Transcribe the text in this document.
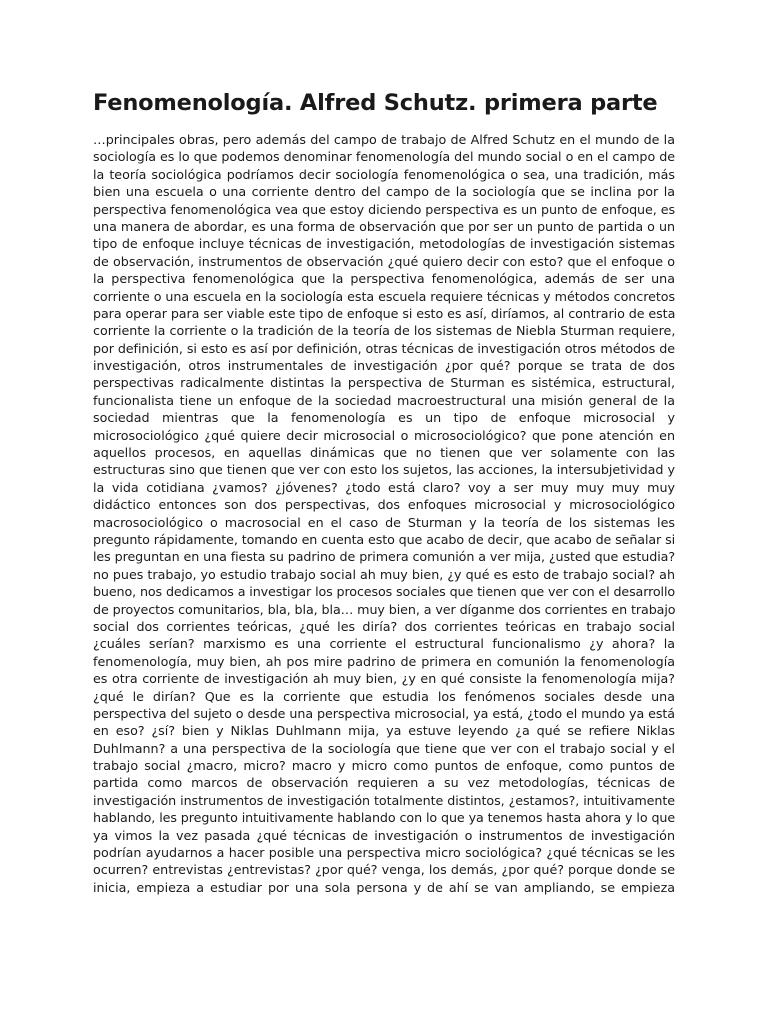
Fenomenología. Alfred Schutz. primera parte
…principales obras, pero además del campo de trabajo de Alfred Schutz en el mundo de la
sociología es lo que podemos denominar fenomenología del mundo social o en el campo de
la teoría sociológica podríamos decir sociología fenomenológica o sea, una tradición, más
bien una escuela o una corriente dentro del campo de la sociología que se inclina por la
perspectiva fenomenológica vea que estoy diciendo perspectiva es un punto de enfoque, es
una manera de abordar, es una forma de observación que por ser un punto de partida o un
tipo de enfoque incluye técnicas de investigación, metodologías de investigación sistemas
de observación, instrumentos de observación ¿qué quiero decir con esto? que el enfoque o
la perspectiva fenomenológica que la perspectiva fenomenológica, además de ser una
corriente o una escuela en la sociología esta escuela requiere técnicas y métodos concretos
para operar para ser viable este tipo de enfoque si esto es así, diríamos, al contrario de esta
corriente la corriente o la tradición de la teoría de los sistemas de Niebla Sturman requiere,
por definición, si esto es así por definición, otras técnicas de investigación otros métodos de
investigación, otros instrumentales de investigación ¿por qué? porque se trata de dos
perspectivas radicalmente distintas la perspectiva de Sturman es sistémica, estructural,
funcionalista tiene un enfoque de la sociedad macroestructural una misión general de la
sociedad mientras que la fenomenología es un tipo de enfoque microsocial y
microsociológico ¿qué quiere decir microsocial o microsociológico? que pone atención en
aquellos procesos, en aquellas dinámicas que no tienen que ver solamente con las
estructuras sino que tienen que ver con esto los sujetos, las acciones, la intersubjetividad y
la vida cotidiana ¿vamos? ¿jóvenes? ¿todo está claro? voy a ser muy muy muy muy
didáctico entonces son dos perspectivas, dos enfoques microsocial y microsociológico
macrosociológico o macrosocial en el caso de Sturman y la teoría de los sistemas les
pregunto rápidamente, tomando en cuenta esto que acabo de decir, que acabo de señalar si
les preguntan en una fiesta su padrino de primera comunión a ver mija, ¿usted que estudia?
no pues trabajo, yo estudio trabajo social ah muy bien, ¿y qué es esto de trabajo social? ah
bueno, nos dedicamos a investigar los procesos sociales que tienen que ver con el desarrollo
de proyectos comunitarios, bla, bla, bla… muy bien, a ver díganme dos corrientes en trabajo
social dos corrientes teóricas, ¿qué les diría? dos corrientes teóricas en trabajo social
¿cuáles serían? marxismo es una corriente el estructural funcionalismo ¿y ahora? la
fenomenología, muy bien, ah pos mire padrino de primera en comunión la fenomenología
es otra corriente de investigación ah muy bien, ¿y en qué consiste la fenomenología mija?
¿qué le dirían? Que es la corriente que estudia los fenómenos sociales desde una
perspectiva del sujeto o desde una perspectiva microsocial, ya está, ¿todo el mundo ya está
en eso? ¿sí? bien y Niklas Duhlmann mija, ya estuve leyendo ¿a qué se refiere Niklas
Duhlmann? a una perspectiva de la sociología que tiene que ver con el trabajo social y el
trabajo social ¿macro, micro? macro y micro como puntos de enfoque, como puntos de
partida como marcos de observación requieren a su vez metodologías, técnicas de
investigación instrumentos de investigación totalmente distintos, ¿estamos?, intuitivamente
hablando, les pregunto intuitivamente hablando con lo que ya tenemos hasta ahora y lo que
ya vimos la vez pasada ¿qué técnicas de investigación o instrumentos de investigación
podrían ayudarnos a hacer posible una perspectiva micro sociológica? ¿qué técnicas se les
ocurren? entrevistas ¿entrevistas? ¿por qué? venga, los demás, ¿por qué? porque donde se
inicia, empieza a estudiar por una sola persona y de ahí se van ampliando, se empieza
